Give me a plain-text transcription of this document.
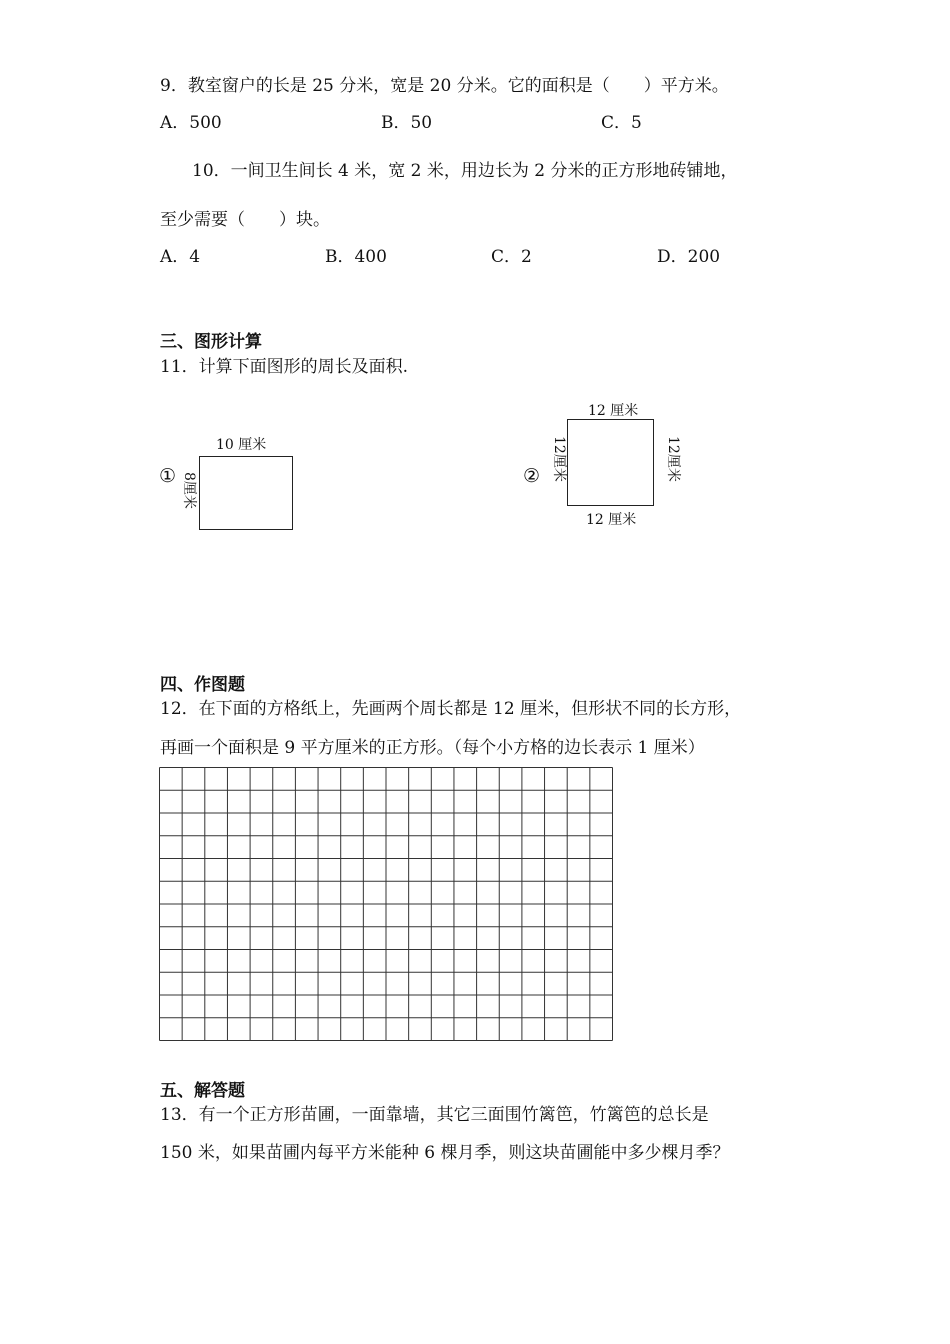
9．教室窗户的长是 25 分米，宽是 20 分米。它的面积是（　　）平方米。
A．500	B．50	C．5
10．一间卫生间长 4 米，宽 2 米，用边长为 2 分米的正方形地砖铺地，
至少需要（　　）块。
A．4	B．400	C．2	D．200
三、图形计算
11．计算下面图形的周长及面积.
①
10 厘米
8厘米	②
12 厘米
12 厘米
12厘米	12厘米
四、作图题
12．在下面的方格纸上，先画两个周长都是 12 厘米，但形状不同的长方形，
再画一个面积是 9 平方厘米的正方形。（每个小方格的边长表示 1 厘米）
五、解答题
13．有一个正方形苗圃，一面靠墙，其它三面围竹篱笆，竹篱笆的总长是
150 米，如果苗圃内每平方米能种 6 棵月季，则这块苗圃能中多少棵月季？
